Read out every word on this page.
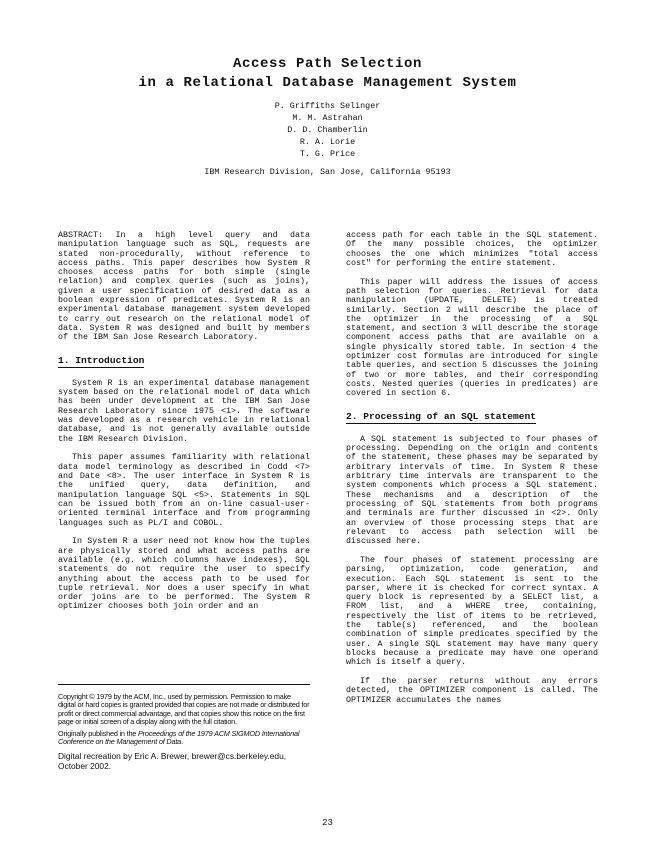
Access Path Selection
in a Relational Database Management System
P. Griffiths Selinger
M. M. Astrahan
D. D. Chamberlin
R. A. Lorie
T. G. Price
IBM Research Division, San Jose, California 95193

ABSTRACT: In a high level query and data manipulation language such as SQL, requests are stated non-procedurally, without reference to access paths. This paper describes how System R chooses access paths for both simple (single relation) and complex queries (such as joins), given a user specification of desired data as a boolean expression of predicates. System R is an experimental database management system developed to carry out research on the relational model of data. System R was designed and built by members of the IBM San Jose Research Laboratory.

1. Introduction

System R is an experimental database management system based on the relational model of data which has been under development at the IBM San Jose Research Laboratory since 1975 <1>. The software was developed as a research vehicle in relational database, and is not generally available outside the IBM Research Division.

This paper assumes familiarity with relational data model terminology as described in Codd <7> and Date <8>. The user interface in System R is the unified query, data definition, and manipulation language SQL <5>. Statements in SQL can be issued both from an on-line casual-user-oriented terminal interface and from programming languages such as PL/I and COBOL.

In System R a user need not know how the tuples are physically stored and what access paths are available (e.g. which columns have indexes). SQL statements do not require the user to specify anything about the access path to be used for tuple retrieval. Nor does a user specify in what order joins are to be performed. The System R optimizer chooses both join order and an

Copyright © 1979 by the ACM, Inc., used by permission. Permission to make digital or hard copies is granted provided that copies are not made or distributed for profit or direct commercial advantage, and that copies show this notice on the first page or initial screen of a display along with the full citation.

Originally published in the Proceedings of the 1979 ACM SIGMOD International Conference on the Management of Data.

Digital recreation by Eric A. Brewer, brewer@cs.berkeley.edu, October 2002.

access path for each table in the SQL statement. Of the many possible choices, the optimizer chooses the one which minimizes "total access cost" for performing the entire statement.

This paper will address the issues of access path selection for queries. Retrieval for data manipulation (UPDATE, DELETE) is treated similarly. Section 2 will describe the place of the optimizer in the processing of a SQL statement, and section 3 will describe the storage component access paths that are available on a single physically stored table. In section 4 the optimizer cost formulas are introduced for single table queries, and section 5 discusses the joining of two or more tables, and their corresponding costs. Nested queries (queries in predicates) are covered in section 6.

2. Processing of an SQL statement

A SQL statement is subjected to four phases of processing. Depending on the origin and contents of the statement, these phases may be separated by arbitrary intervals of time. In System R these arbitrary time intervals are transparent to the system components which process a SQL statement. These mechanisms and a description of the processing of SQL statements from both programs and terminals are further discussed in <2>. Only an overview of those processing steps that are relevant to access path selection will be discussed here.

The four phases of statement processing are parsing, optimization, code generation, and execution. Each SQL statement is sent to the parser, where it is checked for correct syntax. A query block is represented by a SELECT list, a FROM list, and a WHERE tree, containing, respectively the list of items to be retrieved, the table(s) referenced, and the boolean combination of simple predicates specified by the user. A single SQL statement may have many query blocks because a predicate may have one operand which is itself a query.

If the parser returns without any errors detected, the OPTIMIZER component is called. The OPTIMIZER accumulates the names

23
